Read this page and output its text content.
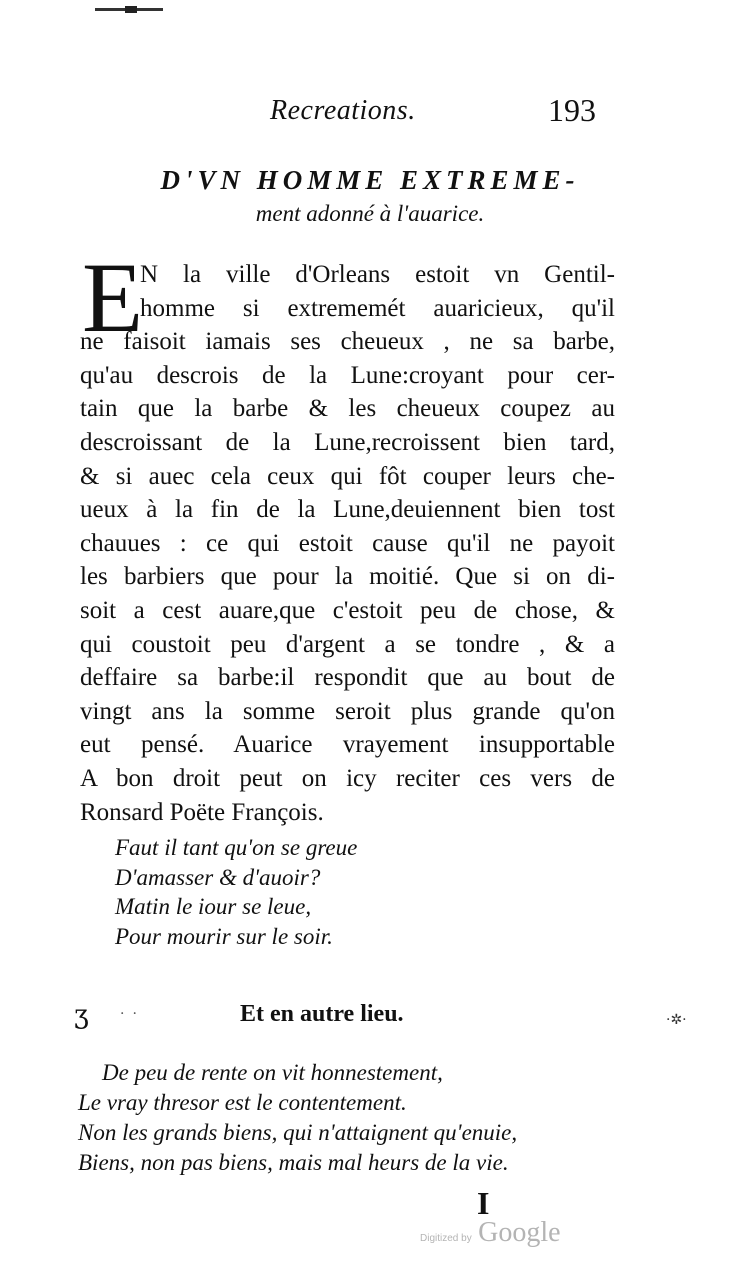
Recreations.	193
D'VN HOMME EXTREME-
ment adonné à l'auarice.
E
N la ville d'Orleans estoit vn Gentil-
homme si extrememét auaricieux, qu'il
ne faisoit iamais ses cheueux , ne sa barbe,
qu'au descrois de la Lune:croyant pour cer-
tain que la barbe & les cheueux coupez au
descroissant de la Lune,recroissent bien tard,
& si auec cela ceux qui fôt couper leurs che-
ueux à la fin de la Lune,deuiennent bien tost
chauues : ce qui estoit cause qu'il ne payoit
les barbiers que pour la moitié. Que si on di-
soit a cest auare,que c'estoit peu de chose, &
qui coustoit peu d'argent a se tondre , & a
deffaire sa barbe:il respondit que au bout de
vingt ans la somme seroit plus grande qu'on
eut pensé. Auarice vrayement insupportable
A bon droit peut on icy reciter ces vers de
Ronsard Poëte François.
Faut il tant qu'on se greue
D'amasser & d'auoir?
Matin le iour se leue,
Pour mourir sur le soir.
ʒ ··	Et en autre lieu.	·✲·
De peu de rente on vit honnestement,
Le vray thresor est le contentement.
Non les grands biens, qui n'attaignent qu'enuie,
Biens, non pas biens, mais mal heurs de la vie.
I
Digitized by Google
